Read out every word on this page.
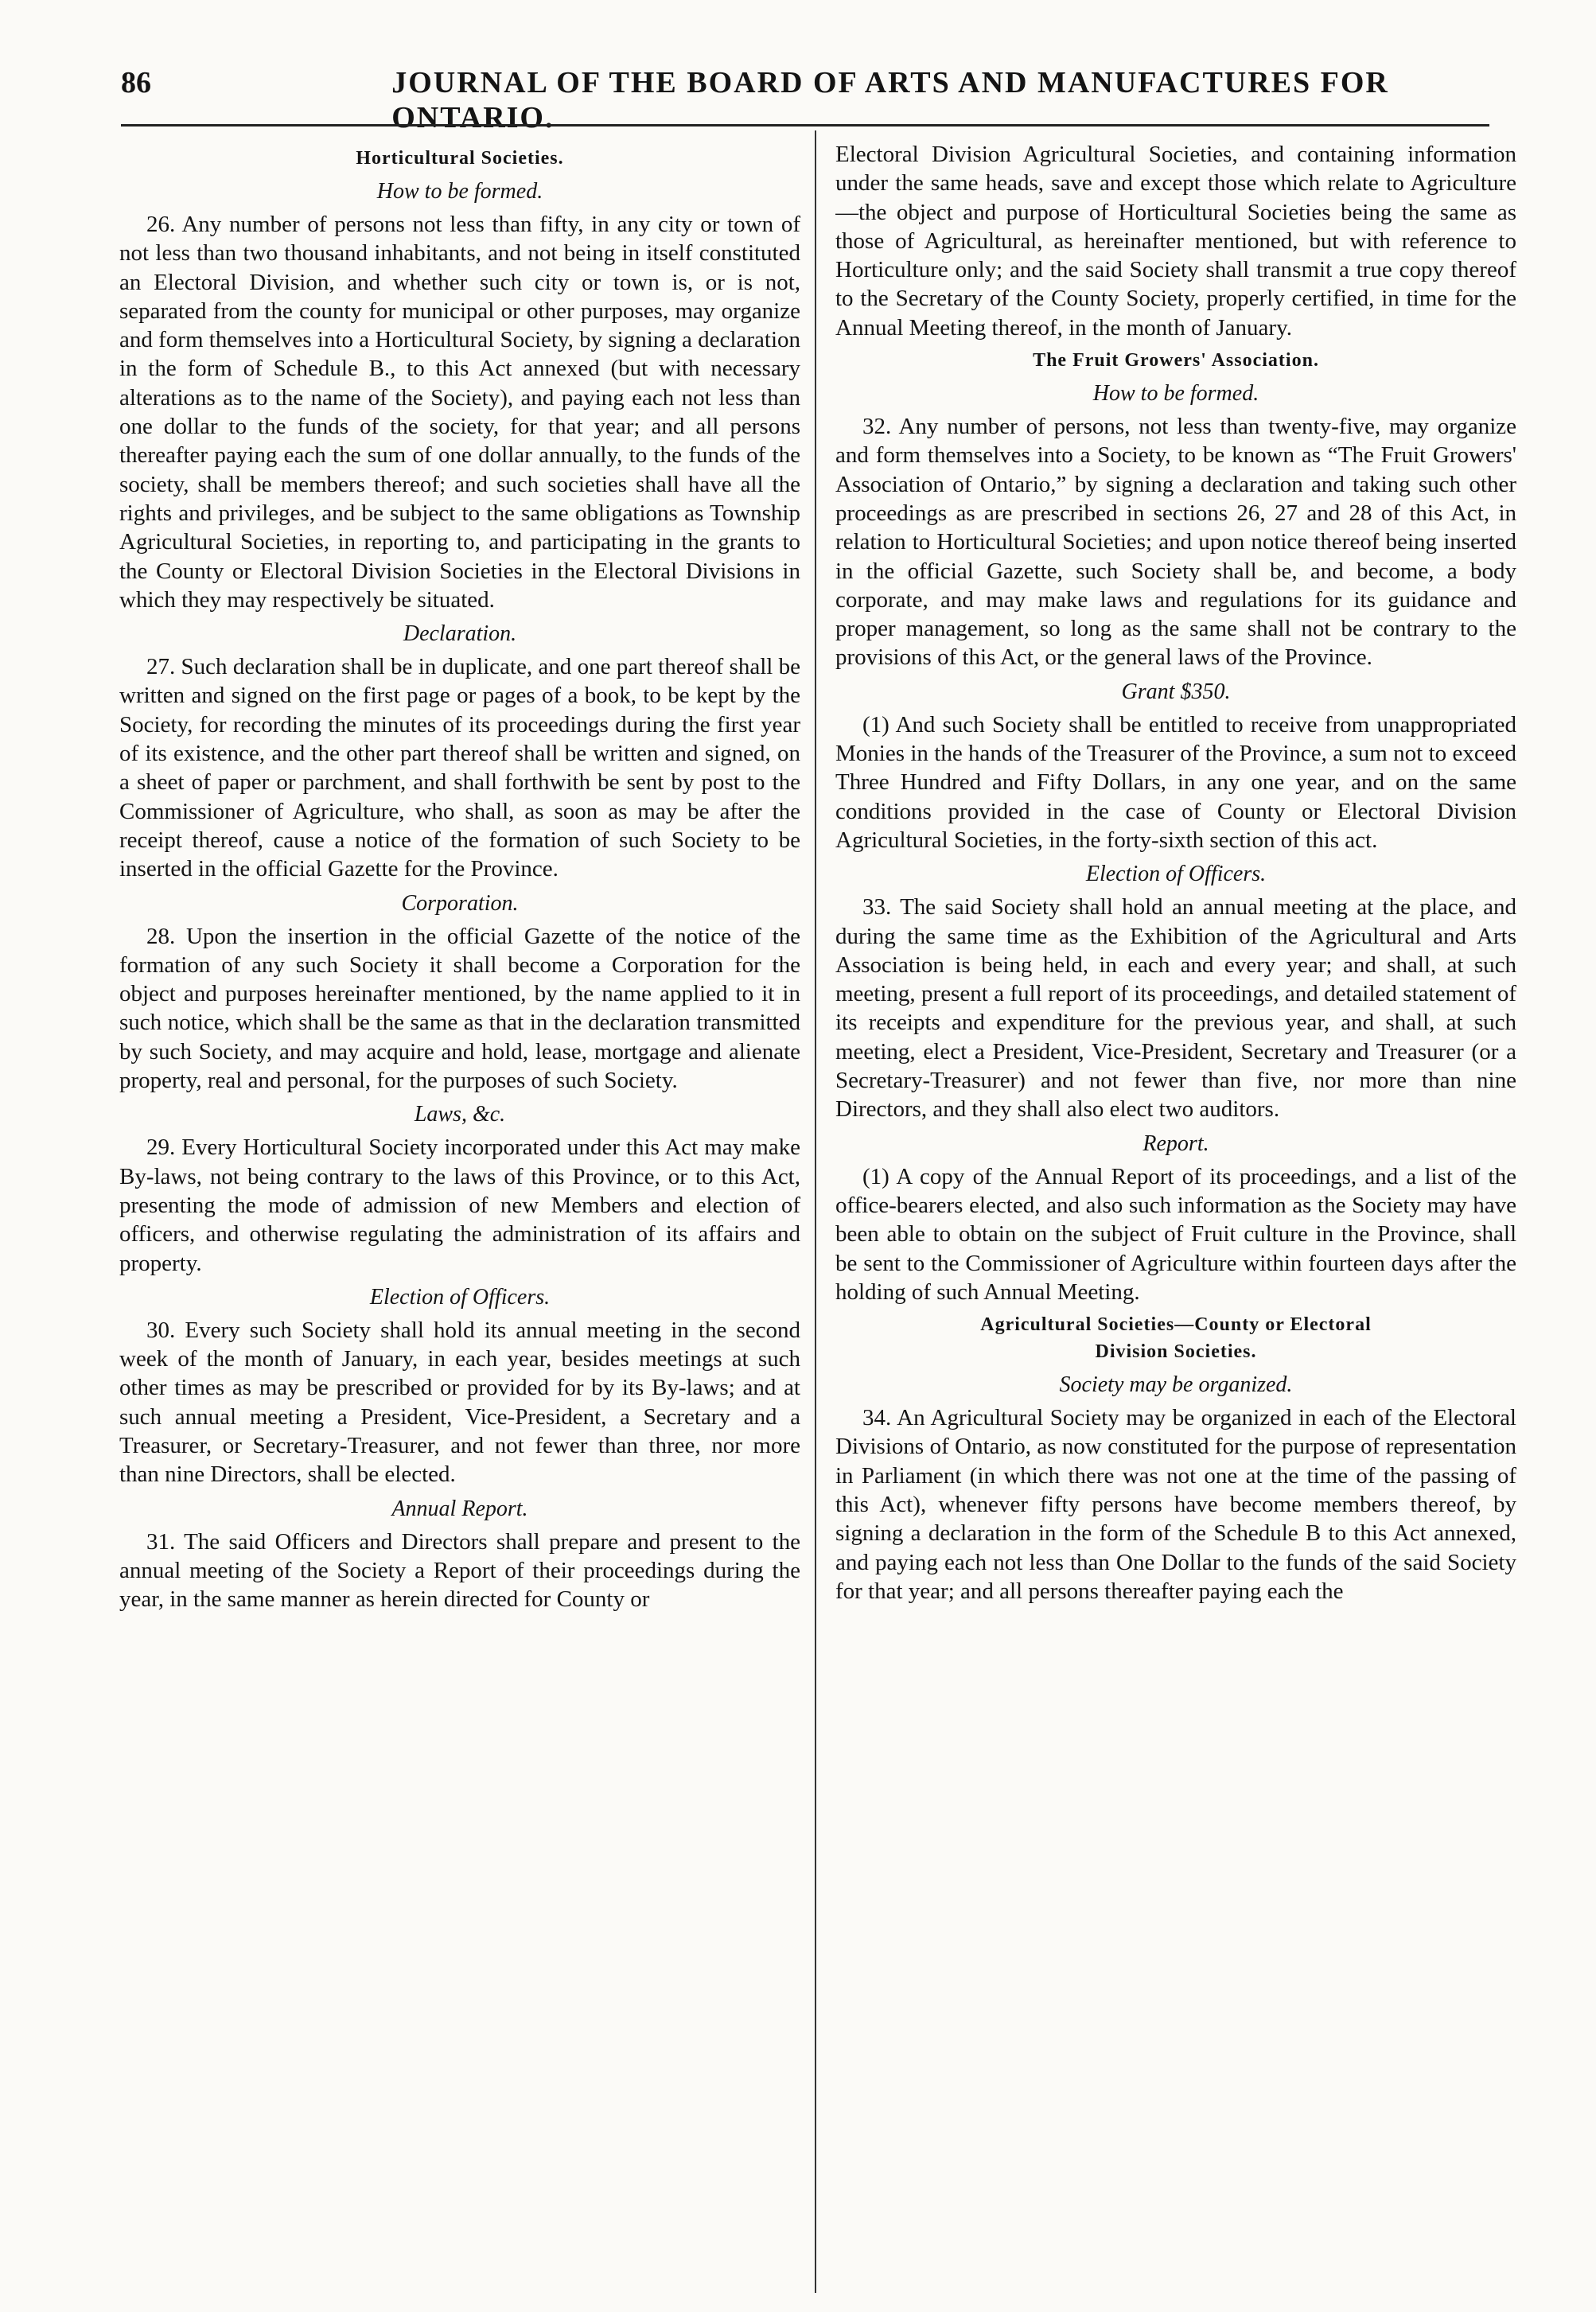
86	JOURNAL OF THE BOARD OF ARTS AND MANUFACTURES FOR ONTARIO.
Horticultural Societies.
How to be formed.

26. Any number of persons not less than fifty, in any city or town of not less than two thousand inhabitants, and not being in itself constituted an Electoral Division, and whether such city or town is, or is not, separated from the county for municipal or other purposes, may organize and form themselves into a Horticultural Society, by signing a declaration in the form of Schedule B., to this Act annexed (but with necessary alterations as to the name of the Society), and paying each not less than one dollar to the funds of the society, for that year; and all persons thereafter paying each the sum of one dollar annually, to the funds of the society, shall be members thereof; and such societies shall have all the rights and privileges, and be subject to the same obligations as Township Agricultural Societies, in reporting to, and participating in the grants to the County or Electoral Division Societies in the Electoral Divisions in which they may respectively be situated.

Declaration.

27. Such declaration shall be in duplicate, and one part thereof shall be written and signed on the first page or pages of a book, to be kept by the Society, for recording the minutes of its proceedings during the first year of its existence, and the other part thereof shall be written and signed, on a sheet of paper or parchment, and shall forthwith be sent by post to the Commissioner of Agriculture, who shall, as soon as may be after the receipt thereof, cause a notice of the formation of such Society to be inserted in the official Gazette for the Province.

Corporation.

28. Upon the insertion in the official Gazette of the notice of the formation of any such Society it shall become a Corporation for the object and purposes hereinafter mentioned, by the name applied to it in such notice, which shall be the same as that in the declaration transmitted by such Society, and may acquire and hold, lease, mortgage and alienate property, real and personal, for the purposes of such Society.

Laws, &c.

29. Every Horticultural Society incorporated under this Act may make By-laws, not being contrary to the laws of this Province, or to this Act, presenting the mode of admission of new Members and election of officers, and otherwise regulating the administration of its affairs and property.

Election of Officers.

30. Every such Society shall hold its annual meeting in the second week of the month of January, in each year, besides meetings at such other times as may be prescribed or provided for by its By-laws; and at such annual meeting a President, Vice-President, a Secretary and a Treasurer, or Secretary-Treasurer, and not fewer than three, nor more than nine Directors, shall be elected.

Annual Report.

31. The said Officers and Directors shall prepare and present to the annual meeting of the Society a Report of their proceedings during the year, in the same manner as herein directed for County or

Electoral Division Agricultural Societies, and containing information under the same heads, save and except those which relate to Agriculture—the object and purpose of Horticultural Societies being the same as those of Agricultural, as hereinafter mentioned, but with reference to Horticulture only; and the said Society shall transmit a true copy thereof to the Secretary of the County Society, properly certified, in time for the Annual Meeting thereof, in the month of January.

The Fruit Growers' Association.
How to be formed.

32. Any number of persons, not less than twenty-five, may organize and form themselves into a Society, to be known as “The Fruit Growers' Association of Ontario,” by signing a declaration and taking such other proceedings as are prescribed in sections 26, 27 and 28 of this Act, in relation to Horticultural Societies; and upon notice thereof being inserted in the official Gazette, such Society shall be, and become, a body corporate, and may make laws and regulations for its guidance and proper management, so long as the same shall not be contrary to the provisions of this Act, or the general laws of the Province.

Grant $350.

(1) And such Society shall be entitled to receive from unappropriated Monies in the hands of the Treasurer of the Province, a sum not to exceed Three Hundred and Fifty Dollars, in any one year, and on the same conditions provided in the case of County or Electoral Division Agricultural Societies, in the forty-sixth section of this act.

Election of Officers.

33. The said Society shall hold an annual meeting at the place, and during the same time as the Exhibition of the Agricultural and Arts Association is being held, in each and every year; and shall, at such meeting, present a full report of its proceedings, and detailed statement of its receipts and expenditure for the previous year, and shall, at such meeting, elect a President, Vice-President, Secretary and Treasurer (or a Secretary-Treasurer) and not fewer than five, nor more than nine Directors, and they shall also elect two auditors.

Report.

(1) A copy of the Annual Report of its proceedings, and a list of the office-bearers elected, and also such information as the Society may have been able to obtain on the subject of Fruit culture in the Province, shall be sent to the Commissioner of Agriculture within fourteen days after the holding of such Annual Meeting.

Agricultural Societies—County or Electoral
Division Societies.
Society may be organized.

34. An Agricultural Society may be organized in each of the Electoral Divisions of Ontario, as now constituted for the purpose of representation in Parliament (in which there was not one at the time of the passing of this Act), whenever fifty persons have become members thereof, by signing a declaration in the form of the Schedule B to this Act annexed, and paying each not less than One Dollar to the funds of the said Society for that year; and all persons thereafter paying each the
